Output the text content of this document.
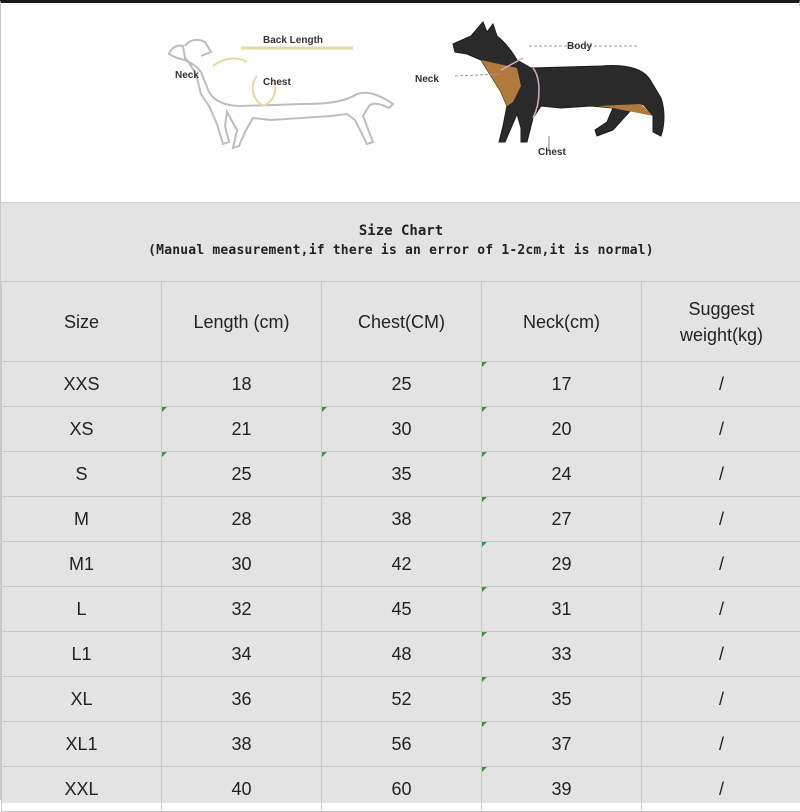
Back Length
Neck
Chest
Body
Neck
Chest
Size Chart
(Manual measurement,if there is an error of 1-2cm,it is normal)
Size	Length (cm)	Chest(CM)	Neck(cm)	Suggest weight(kg)
XXS	18	25	17	/
XS	21	30	20	/
S	25	35	24	/
M	28	38	27	/
M1	30	42	29	/
L	32	45	31	/
L1	34	48	33	/
XL	36	52	35	/
XL1	38	56	37	/
XXL	40	60	39	/
